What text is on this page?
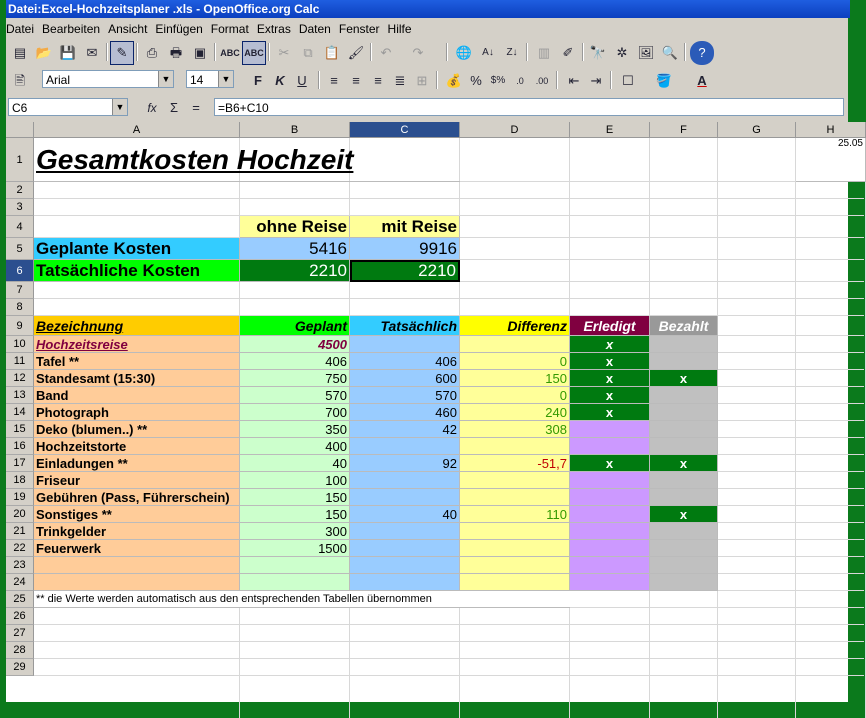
Datei:Excel-Hochzeitsplaner .xls - OpenOffice.org Calc
Datei Bearbeiten Ansicht Einfügen Format Extras Daten Fenster Hilfe
▤ 📂 💾 ✉	✎	⎙ 🖶 ▣	ABC ABC	✂	⧉ 📋 🖌	↶	↷	🌐	A↓	Z↓	▥ ✐	🔭 ✲ 🖼 🔍	?
🖹	Arial	▼	14	▼	F	K U	≡	≡	≡ ≣ ⊞	💰 % $%	.0	.00	⇤ ⇥	☐	🪣	A
C6	▼	fx	Σ	=	=B6+C10
A	B	C	D	E	F	G	H
1
2
3
4
5
6
7
8
9
10
11
12
13
14
15
16
17
18
19
20
21
22
23
24
25
26
27
28
29
Gesamtkosten Hochzeit	25.05
ohne Reise	mit Reise
Geplante Kosten	5416	9916
Tatsächliche Kosten	2210	2210
Bezeichnung	Geplant	Tatsächlich	Differenz	Erledigt	Bezahlt
Hochzeitsreise	4500	x
Tafel **	406	406	0	x
Standesamt (15:30)	750	600	150	x	x
Band	570	570	0	x
Photograph	700	460	240	x
Deko (blumen..) **	350	42	308
Hochzeitstorte	400
Einladungen **	40	92	-51,7	x	x
Friseur	100
Gebühren (Pass, Führerschein)	150
Sonstiges **	150	40	110	x
Trinkgelder	300
Feuerwerk	1500
** die Werte werden automatisch aus den entsprechenden Tabellen übernommen
